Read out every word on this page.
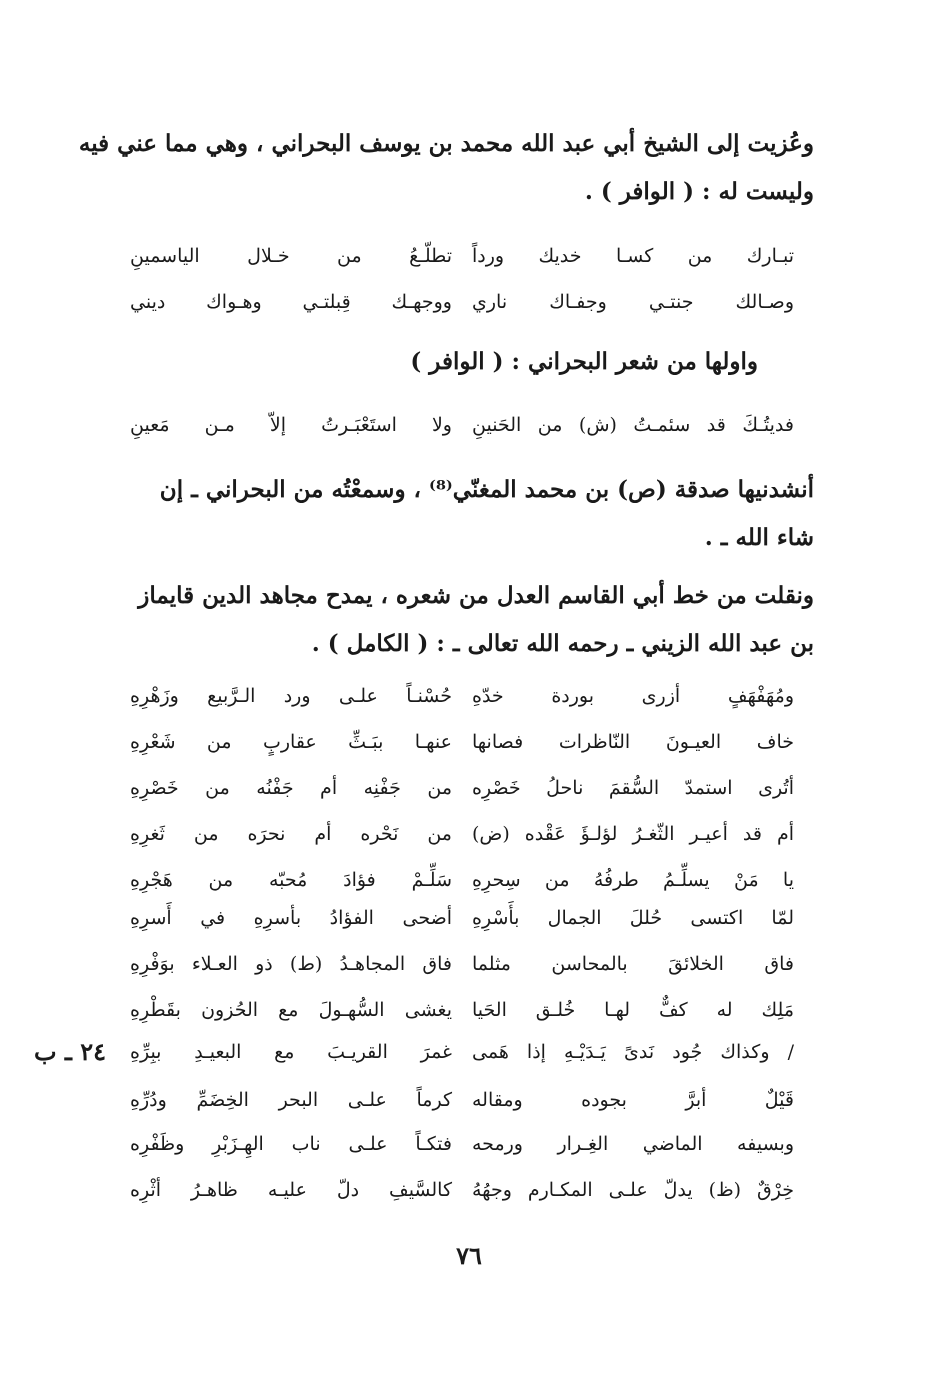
وعُزيت إلى الشيخ أبي عبد الله محمد بن يوسف البحراني ، وهي مما عني فيه
وليست له : ( الوافر ) .
تبـارك من كسـا خديك ورداً
تطلّـعُ من خـلال الياسمينِ
وصـالك جنتـي وجفـاك ناري
ووجهـك قِبلتـي وهـواك ديني
واولها من شعر البحراني : ( الوافر )
فديتُـكَ قد سئمـتُ (ش) من الحَنينِ
ولا استَعْبَـرتُ إلاّ مـن مَعينِ
أنشدنيها صدقة (ص) بن محمد المغنّي⁽⁸⁾ ، وسمعْتُه من البحراني ـ إن
شاء الله ـ .
ونقلت من خط أبي القاسم العدل من شعره ، يمدح مجاهد الدين قايماز
بن عبد الله الزيني ـ رحمه الله تعالى ـ : ( الكامل ) .
ومُهَفْهَفٍ أزرى بوردة خدّهِ
حُسْنـاً علـى ورد الـرَّبيع وزَهْرِهِ
خاف العيـونَ النّاظرات فصانها
عنهـا ببَـثِّ عقاربٍ من شَعْرِهِ
أتُرى استمدّ السُّقمَ ناحلُ خَصْرِه
من جَفْنِه أم جَفْنُه من خَصْرِهِ
أم قد أعيـر الثّغـرُ لؤلـؤَ عَقْده (ض)
من نَحْره أم نحرَه من ثَغرِهِ
يا مَنْ يسلِّـمُ طرفُهُ من سِحرِهِ
سَلِّـمْ فؤادَ مُحبّه من هَجْرِهِ
لمّا اكتسى حُللَ الجمال بأَسْرِهِ
أضحى الفؤادُ بأسرِهِ في أَسرِهِ
فاق الخلائقَ بالمحاسن مثلما
فاق المجاهـدُ (ط) ذو العـلاء بوَفْرِهِ
مَلِك له كفٌّ لهـا خُلـق الحَيا
يغشى السُّهـولَ مع الحُزون بقَطْرِهِ
/ وكذاك جُود نَدىً يَـدَيْـهِ إذا هَمى
غمرَ القريـبَ مع البعيـدِ ببِرِّهِ
قَيْلٌ أبرَّ بجوده ومقاله
كرماً علـى البحر الخِضَمِّ ودُرِّهِ
وبسيفه الماضي الغِـرار ورمحه
فتكـاً علـى ناب الهِـزَبْرِ وظَفْرِه
خِرْقٌ (ظ) يدلّ علـى المكـارم وجهُهُ
كالسَّيفِ دلّ عليـه ظاهـرُ أثْرِه
٢٤ ـ ب
٧٦
